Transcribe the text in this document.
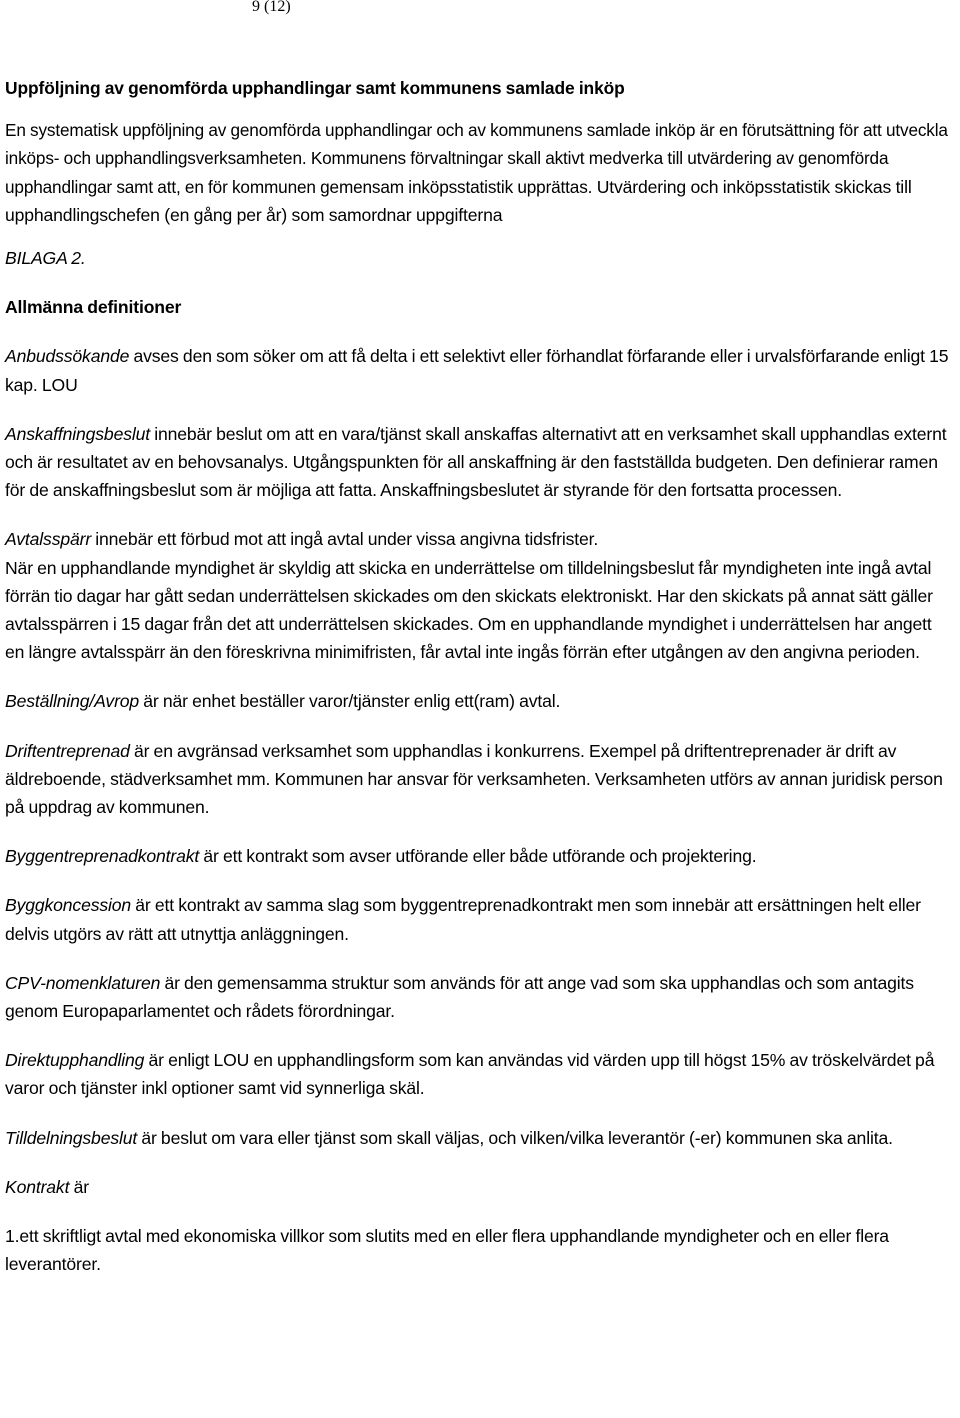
9 (12)
Uppföljning av genomförda upphandlingar samt kommunens samlade inköp
En systematisk uppföljning av genomförda upphandlingar och av kommunens samlade inköp är en förutsättning för att utveckla inköps- och upphandlingsverksamheten. Kommunens förvaltningar skall aktivt medverka till utvärdering av genomförda upphandlingar samt att, en för kommunen gemensam inköpsstatistik upprättas. Utvärdering och inköpsstatistik skickas till upphandlingschefen (en gång per år) som samordnar uppgifterna
BILAGA 2.
Allmänna definitioner
Anbudssökande avses den som söker om att få delta i ett selektivt eller förhandlat förfarande eller i urvalsförfarande enligt 15 kap. LOU
Anskaffningsbeslut innebär beslut om att en vara/tjänst skall anskaffas alternativt att en verksamhet skall upphandlas externt och är resultatet av en behovsanalys. Utgångspunkten för all anskaffning är den fastställda budgeten. Den definierar ramen för de anskaffningsbeslut som är möjliga att fatta. Anskaffningsbeslutet är styrande för den fortsatta processen.
Avtalsspärr innebär ett förbud mot att ingå avtal under vissa angivna tidsfrister.
När en upphandlande myndighet är skyldig att skicka en underrättelse om tilldelningsbeslut får myndigheten inte ingå avtal förrän tio dagar har gått sedan underrättelsen skickades om den skickats elektroniskt. Har den skickats på annat sätt gäller avtalsspärren i 15 dagar från det att underrättelsen skickades. Om en upphandlande myndighet i underrättelsen har angett en längre avtalsspärr än den föreskrivna minimifristen, får avtal inte ingås förrän efter utgången av den angivna perioden.
Beställning/Avrop är när enhet beställer varor/tjänster enlig ett(ram) avtal.
Driftentreprenad är en avgränsad verksamhet som upphandlas i konkurrens. Exempel på driftentreprenader är drift av äldreboende, städverksamhet mm. Kommunen har ansvar för verksamheten. Verksamheten utförs av annan juridisk person på uppdrag av kommunen.
Byggentreprenadkontrakt är ett kontrakt som avser utförande eller både utförande och projektering.
Byggkoncession är ett kontrakt av samma slag som byggentreprenadkontrakt men som innebär att ersättningen helt eller delvis utgörs av rätt att utnyttja anläggningen.
CPV-nomenklaturen är den gemensamma struktur som används för att ange vad som ska upphandlas och som antagits genom Europaparlamentet och rådets förordningar.
Direktupphandling är enligt LOU en upphandlingsform som kan användas vid värden upp till högst 15% av tröskelvärdet på varor och tjänster inkl optioner samt vid synnerliga skäl.
Tilldelningsbeslut är beslut om vara eller tjänst som skall väljas, och vilken/vilka leverantör (-er) kommunen ska anlita.
Kontrakt är
1.ett skriftligt avtal med ekonomiska villkor som slutits med en eller flera upphandlande myndigheter och en eller flera leverantörer.
